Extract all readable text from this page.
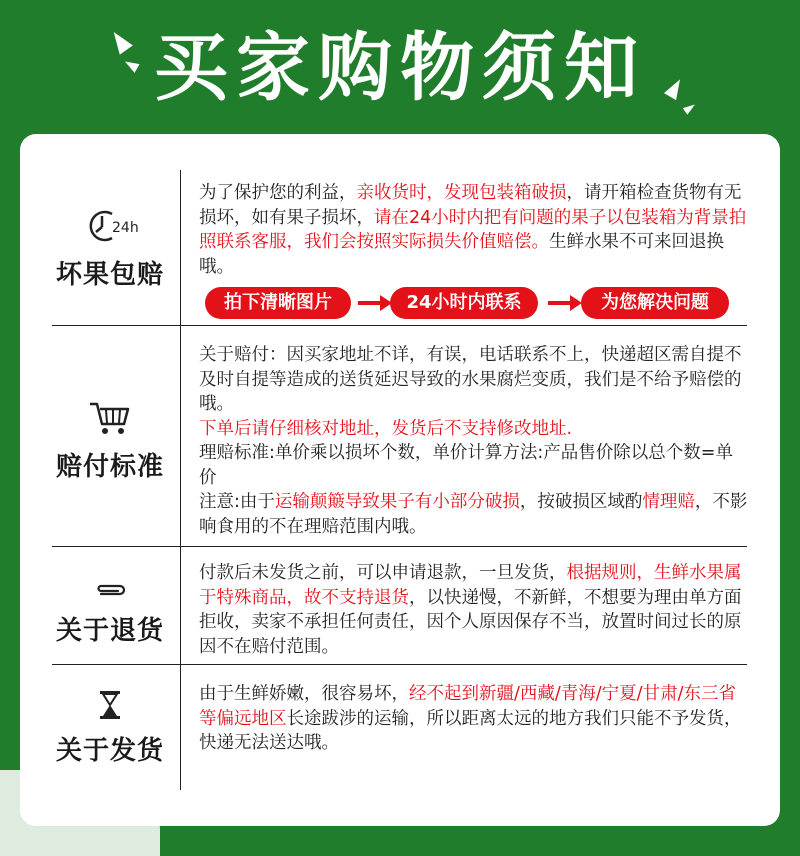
买家购物须知
24h
坏果包赔
为了保护您的利益，亲收货时，发现包装箱破损，请开箱检查货物有无损坏，如有果子损坏，请在24小时内把有问题的果子以包装箱为背景拍照联系客服，我们会按照实际损失价值赔偿。生鲜水果不可来回退换哦。
拍下清晰图片	24小时内联系	为您解决问题
赔付标准
关于赔付：因买家地址不详，有误，电话联系不上，快递超区需自提不及时自提等造成的送货延迟导致的水果腐烂变质，我们是不给予赔偿的哦。
下单后请仔细核对地址，发货后不支持修改地址.
理赔标准:单价乘以损坏个数，单价计算方法:产品售价除以总个数=单价
注意:由于运输颠簸导致果子有小部分破损，按破损区域酌情理赔，不影响食用的不在理赔范围内哦。
关于退货
付款后未发货之前，可以申请退款，一旦发货，根据规则，生鲜水果属于特殊商品，故不支持退货，以快递慢，不新鲜，不想要为理由单方面拒收，卖家不承担任何责任，因个人原因保存不当，放置时间过长的原因不在赔付范围。
关于发货
由于生鲜娇嫩，很容易坏，经不起到新疆/西藏/青海/宁夏/甘肃/东三省等偏远地区长途跋涉的运输，所以距离太远的地方我们只能不予发货，快递无法送达哦。
